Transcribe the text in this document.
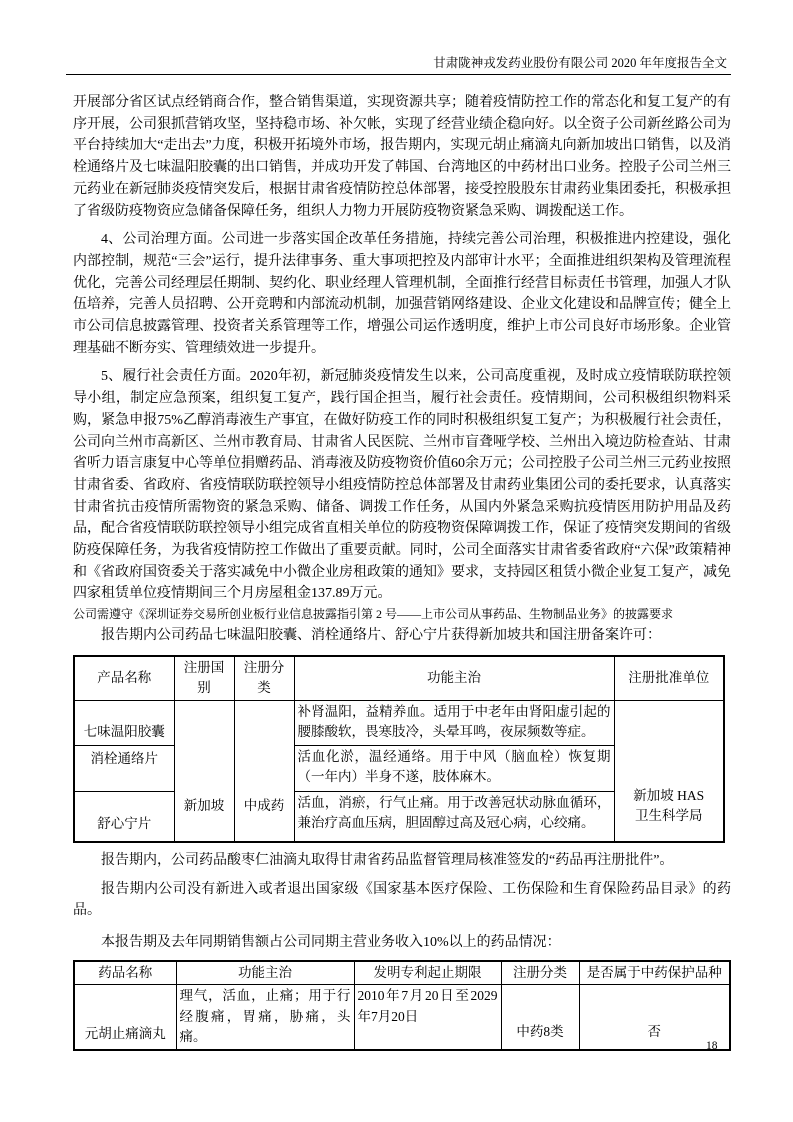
甘肃陇神戎发药业股份有限公司 2020 年年度报告全文

开展部分省区试点经销商合作，整合销售渠道，实现资源共享；随着疫情防控工作的常态化和复工复产的有序开展，公司狠抓营销攻坚，坚持稳市场、补欠帐，实现了经营业绩企稳向好。以全资子公司新丝路公司为平台持续加大“走出去”力度，积极开拓境外市场，报告期内，实现元胡止痛滴丸向新加坡出口销售，以及消栓通络片及七味温阳胶囊的出口销售，并成功开发了韩国、台湾地区的中药材出口业务。控股子公司兰州三元药业在新冠肺炎疫情突发后，根据甘肃省疫情防控总体部署，接受控股股东甘肃药业集团委托，积极承担了省级防疫物资应急储备保障任务，组织人力物力开展防疫物资紧急采购、调拨配送工作。

4、公司治理方面。公司进一步落实国企改革任务措施，持续完善公司治理，积极推进内控建设，强化内部控制，规范“三会”运行，提升法律事务、重大事项把控及内部审计水平；全面推进组织架构及管理流程优化，完善公司经理层任期制、契约化、职业经理人管理机制，全面推行经营目标责任书管理，加强人才队伍培养，完善人员招聘、公开竞聘和内部流动机制，加强营销网络建设、企业文化建设和品牌宣传；健全上市公司信息披露管理、投资者关系管理等工作，增强公司运作透明度，维护上市公司良好市场形象。企业管理基础不断夯实、管理绩效进一步提升。

5、履行社会责任方面。2020年初，新冠肺炎疫情发生以来，公司高度重视，及时成立疫情联防联控领导小组，制定应急预案，组织复工复产，践行国企担当，履行社会责任。疫情期间，公司积极组织物料采购，紧急申报75%乙醇消毒液生产事宜，在做好防疫工作的同时积极组织复工复产；为积极履行社会责任，公司向兰州市高新区、兰州市教育局、甘肃省人民医院、兰州市盲聋哑学校、兰州出入境边防检查站、甘肃省听力语言康复中心等单位捐赠药品、消毒液及防疫物资价值60余万元；公司控股子公司兰州三元药业按照甘肃省委、省政府、省疫情联防联控领导小组疫情防控总体部署及甘肃药业集团公司的委托要求，认真落实甘肃省抗击疫情所需物资的紧急采购、储备、调拨工作任务，从国内外紧急采购抗疫情医用防护用品及药品，配合省疫情联防联控领导小组完成省直相关单位的防疫物资保障调拨工作，保证了疫情突发期间的省级防疫保障任务，为我省疫情防控工作做出了重要贡献。同时，公司全面落实甘肃省委省政府“六保”政策精神和《省政府国资委关于落实减免中小微企业房租政策的通知》要求，支持园区租赁小微企业复工复产，减免四家租赁单位疫情期间三个月房屋租金137.89万元。

公司需遵守《深圳证券交易所创业板行业信息披露指引第 2 号——上市公司从事药品、生物制品业务》的披露要求

报告期内公司药品七味温阳胶囊、消栓通络片、舒心宁片获得新加坡共和国注册备案许可：

产品名称	注册国别	注册分类	功能主治	注册批准单位
七味温阳胶囊	新加坡	中成药	补肾温阳，益精养血。适用于中老年由肾阳虚引起的腰膝酸软，畏寒肢冷，头晕耳鸣，夜尿频数等症。	新加坡 HAS 卫生科学局

消栓通络片			活血化淤，温经通络。用于中风（脑血栓）恢复期（一年内）半身不遂，肢体麻木。	
舒心宁片			活血，消瘀，行气止痛。用于改善冠状动脉血循环，兼治疗高血压病，胆固醇过高及冠心病，心绞痛。	

报告期内，公司药品酸枣仁油滴丸取得甘肃省药品监督管理局核准签发的“药品再注册批件”。

报告期内公司没有新进入或者退出国家级《国家基本医疗保险、工伤保险和生育保险药品目录》的药品。

本报告期及去年同期销售额占公司同期主营业务收入10%以上的药品情况：

药品名称	功能主治	发明专利起止期限	注册分类	是否属于中药保护品种
元胡止痛滴丸	理气，活血，止痛；用于行经腹痛，胃痛，胁痛，头痛。	2010年7月20日至2029年7月20日	中药8类	否
18
